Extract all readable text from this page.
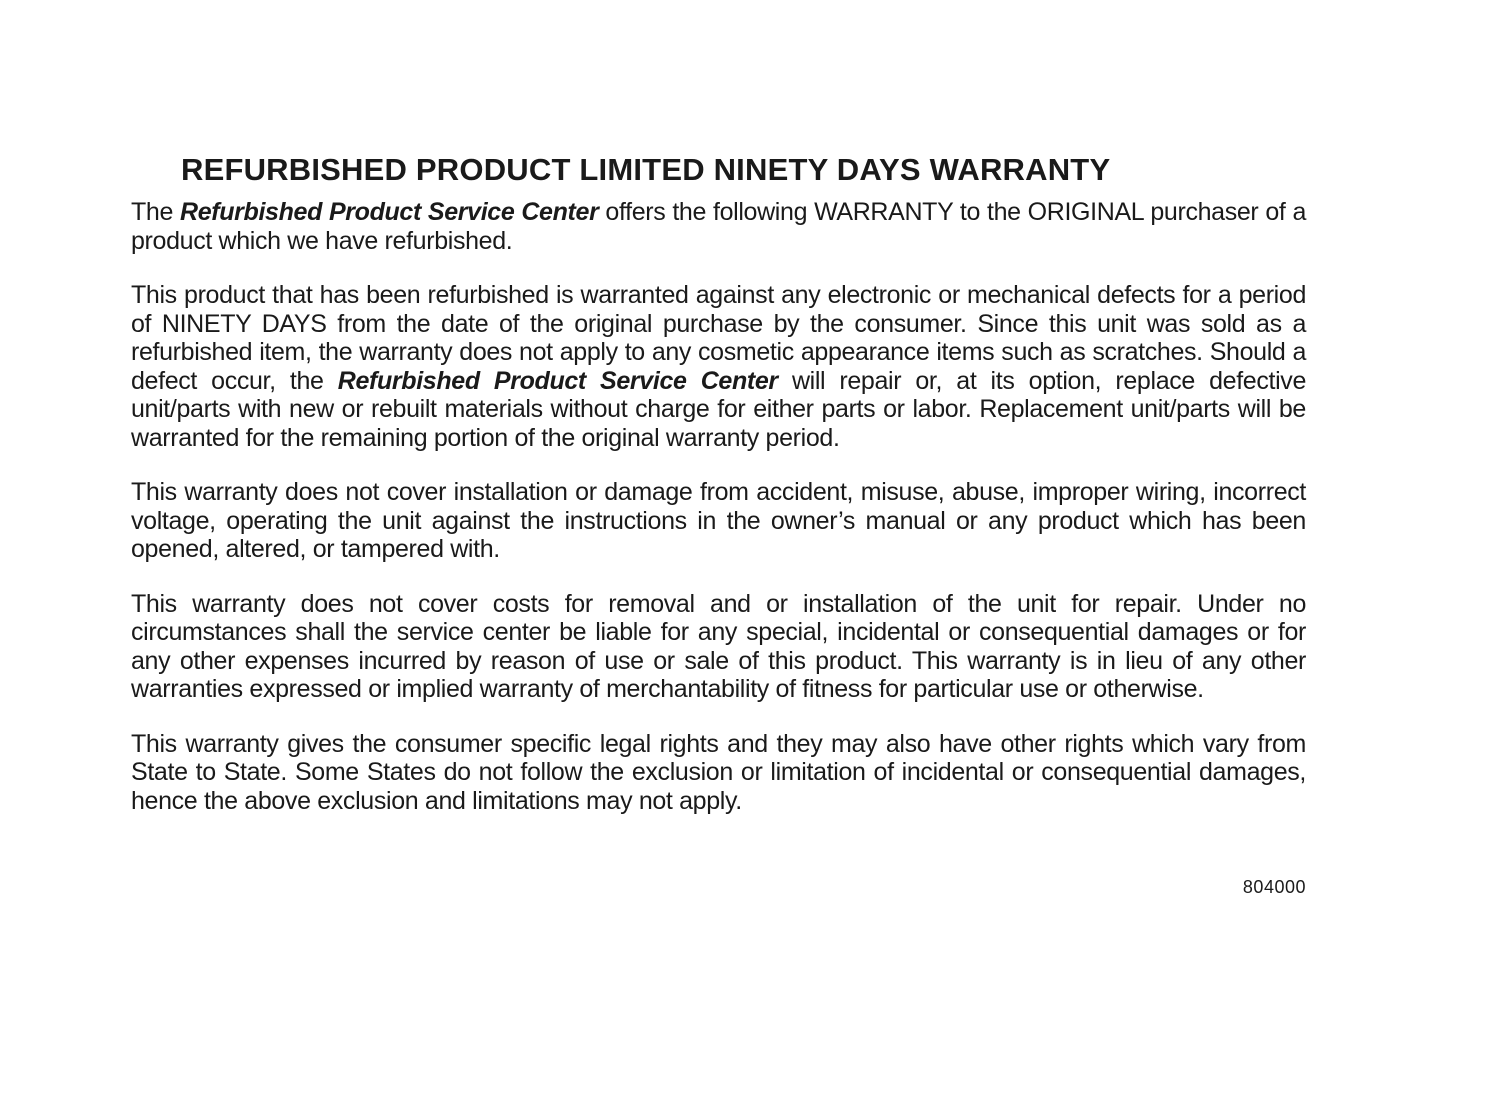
REFURBISHED PRODUCT LIMITED NINETY DAYS WARRANTY

The Refurbished Product Service Center offers the following WARRANTY to the ORIGINAL purchaser of a product which we have refurbished.

This product that has been refurbished is warranted against any electronic or mechanical defects for a period of NINETY DAYS from the date of the original purchase by the consumer. Since this unit was sold as a refurbished item, the warranty does not apply to any cosmetic appearance items such as scratches. Should a defect occur, the Refurbished Product Service Center will repair or, at its option, replace defective unit/parts with new or rebuilt materials without charge for either parts or labor. Replacement unit/parts will be warranted for the remaining portion of the original warranty period.

This warranty does not cover installation or damage from accident, misuse, abuse, improper wiring, incorrect voltage, operating the unit against the instructions in the owner’s manual or any product which has been opened, altered, or tampered with.

This warranty does not cover costs for removal and or installation of the unit for repair. Under no circumstances shall the service center be liable for any special, incidental or consequential damages or for any other expenses incurred by reason of use or sale of this product. This warranty is in lieu of any other warranties expressed or implied warranty of merchantability of fitness for particular use or otherwise.

This warranty gives the consumer specific legal rights and they may also have other rights which vary from State to State. Some States do not follow the exclusion or limitation of incidental or consequential damages, hence the above exclusion and limitations may not apply.

804000
